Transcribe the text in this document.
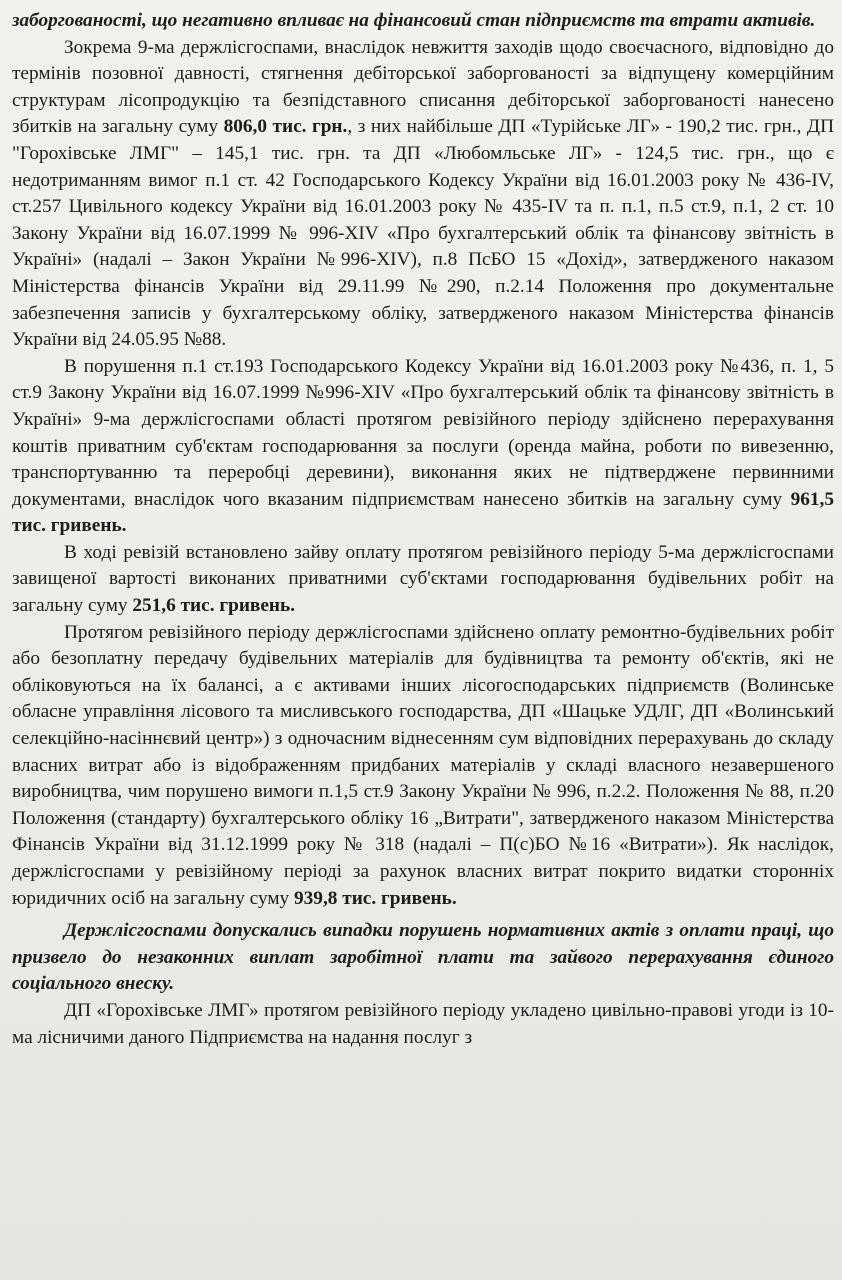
заборгованості, що негативно впливає на фінансовий стан підприємств та втрати активів.

Зокрема 9-ма держлісгоспами, внаслідок невжиття заходів щодо своєчасного, відповідно до термінів позовної давності, стягнення дебіторської заборгованості за відпущену комерційним структурам лісопродукцію та безпідставного списання дебіторської заборгованості нанесено збитків на загальну суму 806,0 тис. грн., з них найбільше ДП «Турійське ЛГ» - 190,2 тис. грн., ДП "Горохівське ЛМГ" – 145,1 тис. грн. та ДП «Любомльське ЛГ» - 124,5 тис. грн., що є недотриманням вимог п.1 ст. 42 Господарського Кодексу України від 16.01.2003 року № 436-IV, ст.257 Цивільного кодексу України від 16.01.2003 року № 435-IV та п. п.1, п.5 ст.9, п.1, 2 ст. 10 Закону України від 16.07.1999 № 996-XIV «Про бухгалтерський облік та фінансову звітність в Україні» (надалі – Закон України №996-XIV), п.8 ПсБО 15 «Дохід», затвердженого наказом Міністерства фінансів України від 29.11.99 №290, п.2.14 Положення про документальне забезпечення записів у бухгалтерському обліку, затвердженого наказом Міністерства фінансів України від 24.05.95 №88.

В порушення п.1 ст.193 Господарського Кодексу України від 16.01.2003 року №436, п. 1, 5 ст.9 Закону України від 16.07.1999 №996-XIV «Про бухгалтерський облік та фінансову звітність в Україні» 9-ма держлісгоспами області протягом ревізійного періоду здійснено перерахування коштів приватним суб'єктам господарювання за послуги (оренда майна, роботи по вивезенню, транспортуванню та переробці деревини), виконання яких не підтверджене первинними документами, внаслідок чого вказаним підприємствам нанесено збитків на загальну суму 961,5 тис. гривень.

В ході ревізій встановлено зайву оплату протягом ревізійного періоду 5-ма держлісгоспами завищеної вартості виконаних приватними суб'єктами господарювання будівельних робіт на загальну суму 251,6 тис. гривень.

Протягом ревізійного періоду держлісгоспами здійснено оплату ремонтно-будівельних робіт або безоплатну передачу будівельних матеріалів для будівництва та ремонту об'єктів, які не обліковуються на їх балансі, а є активами інших лісогосподарських підприємств (Волинське обласне управління лісового та мисливського господарства, ДП «Шацьке УДЛГ, ДП «Волинський селекційно-насіннєвий центр») з одночасним віднесенням сум відповідних перерахувань до складу власних витрат або із відображенням придбаних матеріалів у складі власного незавершеного виробництва, чим порушено вимоги п.1,5 ст.9 Закону України № 996, п.2.2. Положення № 88, п.20 Положення (стандарту) бухгалтерського обліку 16 „Витрати", затвердженого наказом Міністерства Фінансів України від 31.12.1999 року № 318 (надалі – П(с)БО №16 «Витрати»). Як наслідок, держлісгоспами у ревізійному періоді за рахунок власних витрат покрито видатки сторонніх юридичних осіб на загальну суму 939,8 тис. гривень.

Держлісгоспами допускались випадки порушень нормативних актів з оплати праці, що призвело до незаконних виплат заробітної плати та зайвого перерахування єдиного соціального внеску.

ДП «Горохівське ЛМГ» протягом ревізійного періоду укладено цивільно-правові угоди із 10-ма лісничими даного Підприємства на надання послуг з
